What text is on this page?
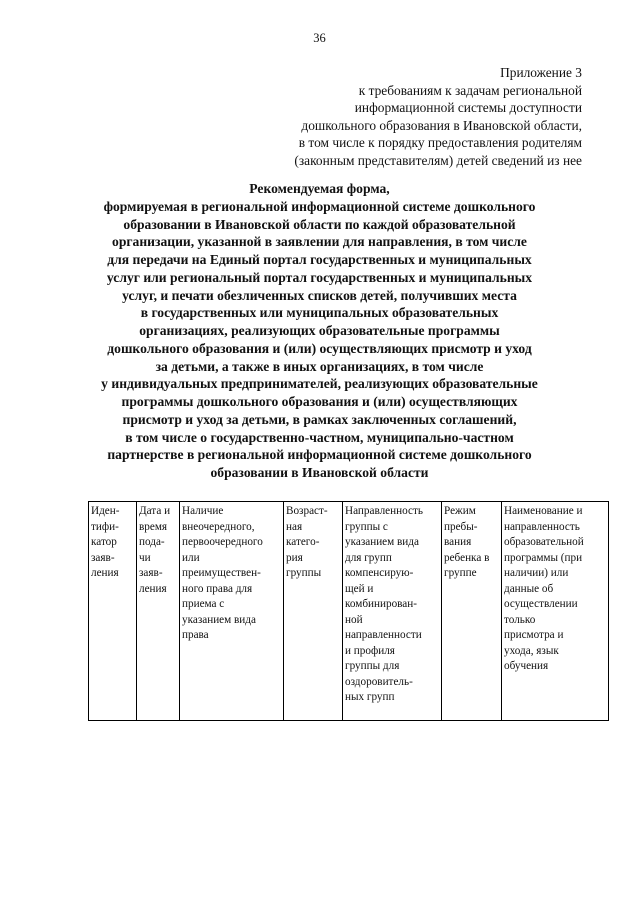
36
Приложение 3
к требованиям к задачам региональной
информационной системы доступности
дошкольного образования в Ивановской области,
в том числе к порядку предоставления родителям
(законным представителям) детей сведений из нее
Рекомендуемая форма,
формируемая в региональной информационной системе дошкольного
образовании в Ивановской области по каждой образовательной
организации, указанной в заявлении для направления, в том числе
для передачи на Единый портал государственных и муниципальных
услуг или региональный портал государственных и муниципальных
услуг, и печати обезличенных списков детей, получивших места
в государственных или муниципальных образовательных
организациях, реализующих образовательные программы
дошкольного образования и (или) осуществляющих присмотр и уход
за детьми, а также в иных организациях, в том числе
у индивидуальных предпринимателей, реализующих образовательные
программы дошкольного образования и (или) осуществляющих
присмотр и уход за детьми, в рамках заключенных соглашений,
в том числе о государственно-частном, муниципально-частном
партнерстве в региональной информационной системе дошкольного
образовании в Ивановской области
Иден-
тифи-
катор
заяв-
ления

Дата и
время
пода-
чи
заяв-
ления

Наличие
внеочередного,
первоочередного
или
преимуществен-
ного права для
приема с
указанием вида
права

Возраст-
ная
катего-
рия
группы

Направленность
группы с
указанием вида
для групп
компенсирую-
щей и
комбинирован-
ной
направленности
и профиля
группы для
оздоровитель-
ных групп

Режим
пребы-
вания
ребенка в
группе

Наименование и
направленность
образовательной
программы (при
наличии) или
данные об
осуществлении
только
присмотра и
ухода, язык
обучения
